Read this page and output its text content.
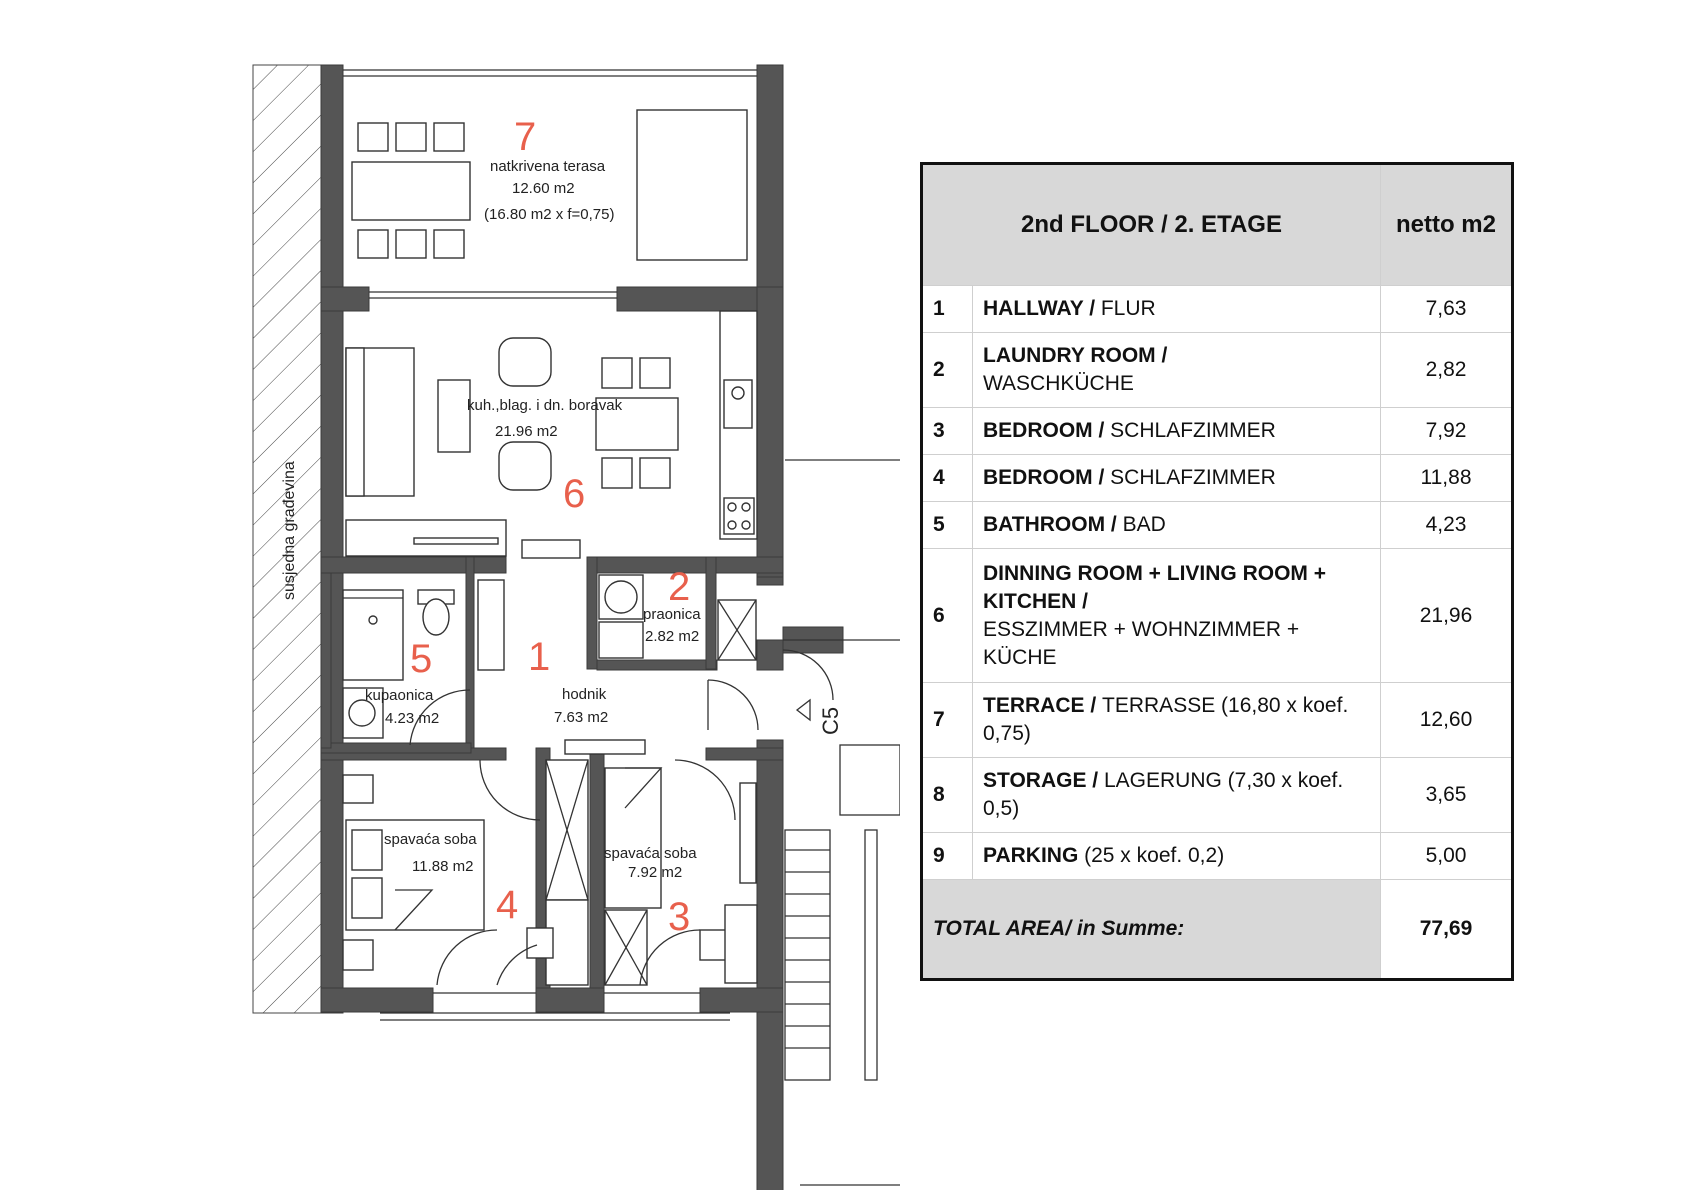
susjedna građevina
C5
7
natkrivena terasa
12.60 m2
(16.80 m2 x f=0,75)
6
kuh.,blag. i dn. boravak
21.96 m2
2
praonica
2.82 m2
5
kupaonica
4.23 m2
1
hodnik
7.63 m2
4
spavaća soba
11.88 m2
3
spavaća soba
7.92 m2
2nd FLOOR / 2. ETAGE		netto m2
1	HALLWAY / FLUR	7,63
2	LAUNDRY ROOM /
WASCHKÜCHE	2,82
3	BEDROOM / SCHLAFZIMMER	7,92
4	BEDROOM / SCHLAFZIMMER	11,88
5	BATHROOM / BAD	4,23
6	DINNING ROOM + LIVING ROOM + KITCHEN /
ESSZIMMER + WOHNZIMMER + KÜCHE	21,96
7	TERRACE / TERRASSE (16,80 x koef. 0,75)	12,60
8	STORAGE / LAGERUNG (7,30 x koef. 0,5)	3,65
9	PARKING (25 x koef. 0,2)	5,00
TOTAL AREA/ in Summe:		77,69
